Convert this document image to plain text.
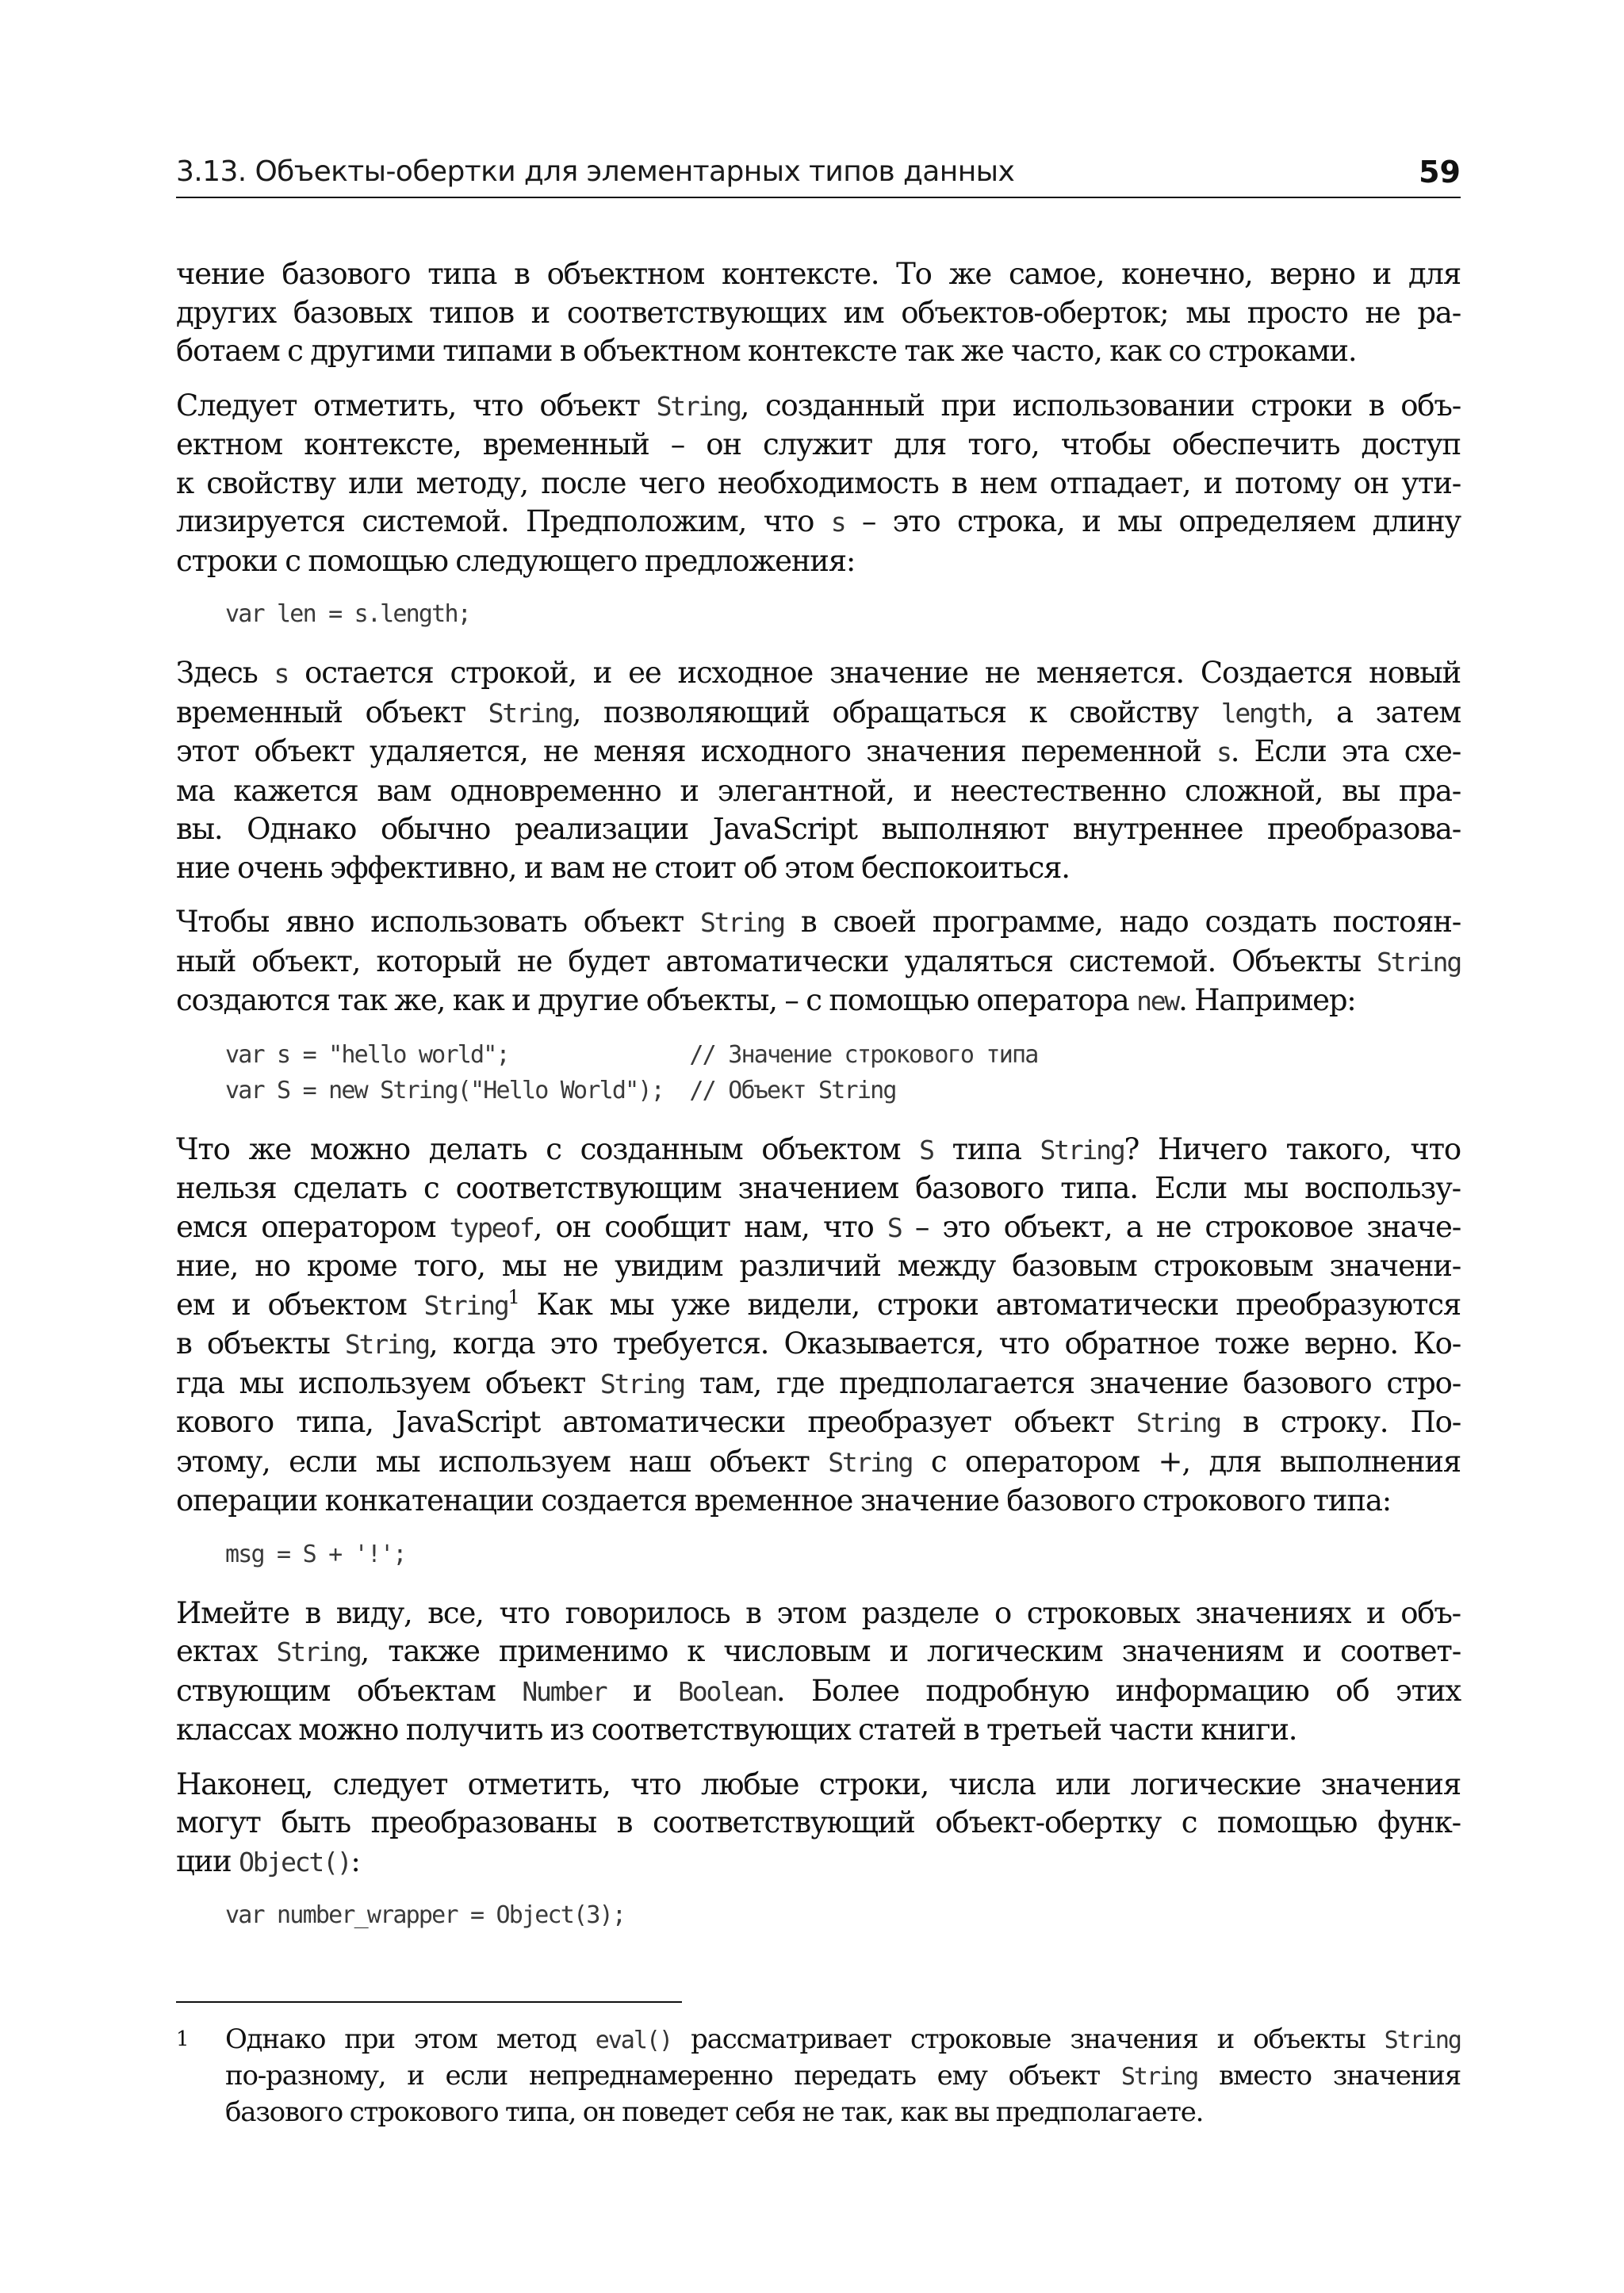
3.13. Объекты-обертки для элементарных типов данных	59

чение базового типа в объектном контексте. То же самое, конечно, верно и для
других базовых типов и соответствующих им объектов-оберток; мы просто не ра-
ботаем с другими типами в объектном контексте так же часто, как со строками.

Следует отметить, что объект String, созданный при использовании строки в объ-
ектном контексте, временный – он служит для того, чтобы обеспечить доступ
к свойству или методу, после чего необходимость в нем отпадает, и потому он ути-
лизируется системой. Предположим, что s – это строка, и мы определяем длину
строки с помощью следующего предложения:

var len = s.length;

Здесь s остается строкой, и ее исходное значение не меняется. Создается новый
временный объект String, позволяющий обращаться к свойству length, а затем
этот объект удаляется, не меняя исходного значения переменной s. Если эта схе-
ма кажется вам одновременно и элегантной, и неестественно сложной, вы пра-
вы. Однако обычно реализации JavaScript выполняют внутреннее преобразова-
ние очень эффективно, и вам не стоит об этом беспокоиться.

Чтобы явно использовать объект String в своей программе, надо создать постоян-
ный объект, который не будет автоматически удаляться системой. Объекты String
создаются так же, как и другие объекты, – с помощью оператора new. Например:

var s = "hello world";              // Значение строкового типа
var S = new String("Hello World");  // Объект String

Что же можно делать с созданным объектом S типа String? Ничего такого, что
нельзя сделать с соответствующим значением базового типа. Если мы воспользу-
емся оператором typeof, он сообщит нам, что S – это объект, а не строковое значе-
ние, но кроме того, мы не увидим различий между базовым строковым значени-
ем и объектом String$^1$ Как мы уже видели, строки автоматически преобразуются
в объекты String, когда это требуется. Оказывается, что обратное тоже верно. Ко-
гда мы используем объект String там, где предполагается значение базового стро-
кового типа, JavaScript автоматически преобразует объект String в строку. По-
этому, если мы используем наш объект String с оператором +, для выполнения
операции конкатенации создается временное значение базового строкового типа:

msg = S + '!';

Имейте в виду, все, что говорилось в этом разделе о строковых значениях и объ-
ектах String, также применимо к числовым и логическим значениям и соответ-
ствующим объектам Number и Boolean. Более подробную информацию об этих
классах можно получить из соответствующих статей в третьей части книги.

Наконец, следует отметить, что любые строки, числа или логические значения
могут быть преобразованы в соответствующий объект-обертку с помощью функ-
ции Object():

var number_wrapper = Object(3);
1 Однако при этом метод eval() рассматривает строковые значения и объекты String
по-разному, и если непреднамеренно передать ему объект String вместо значения
базового строкового типа, он поведет себя не так, как вы предполагаете.
